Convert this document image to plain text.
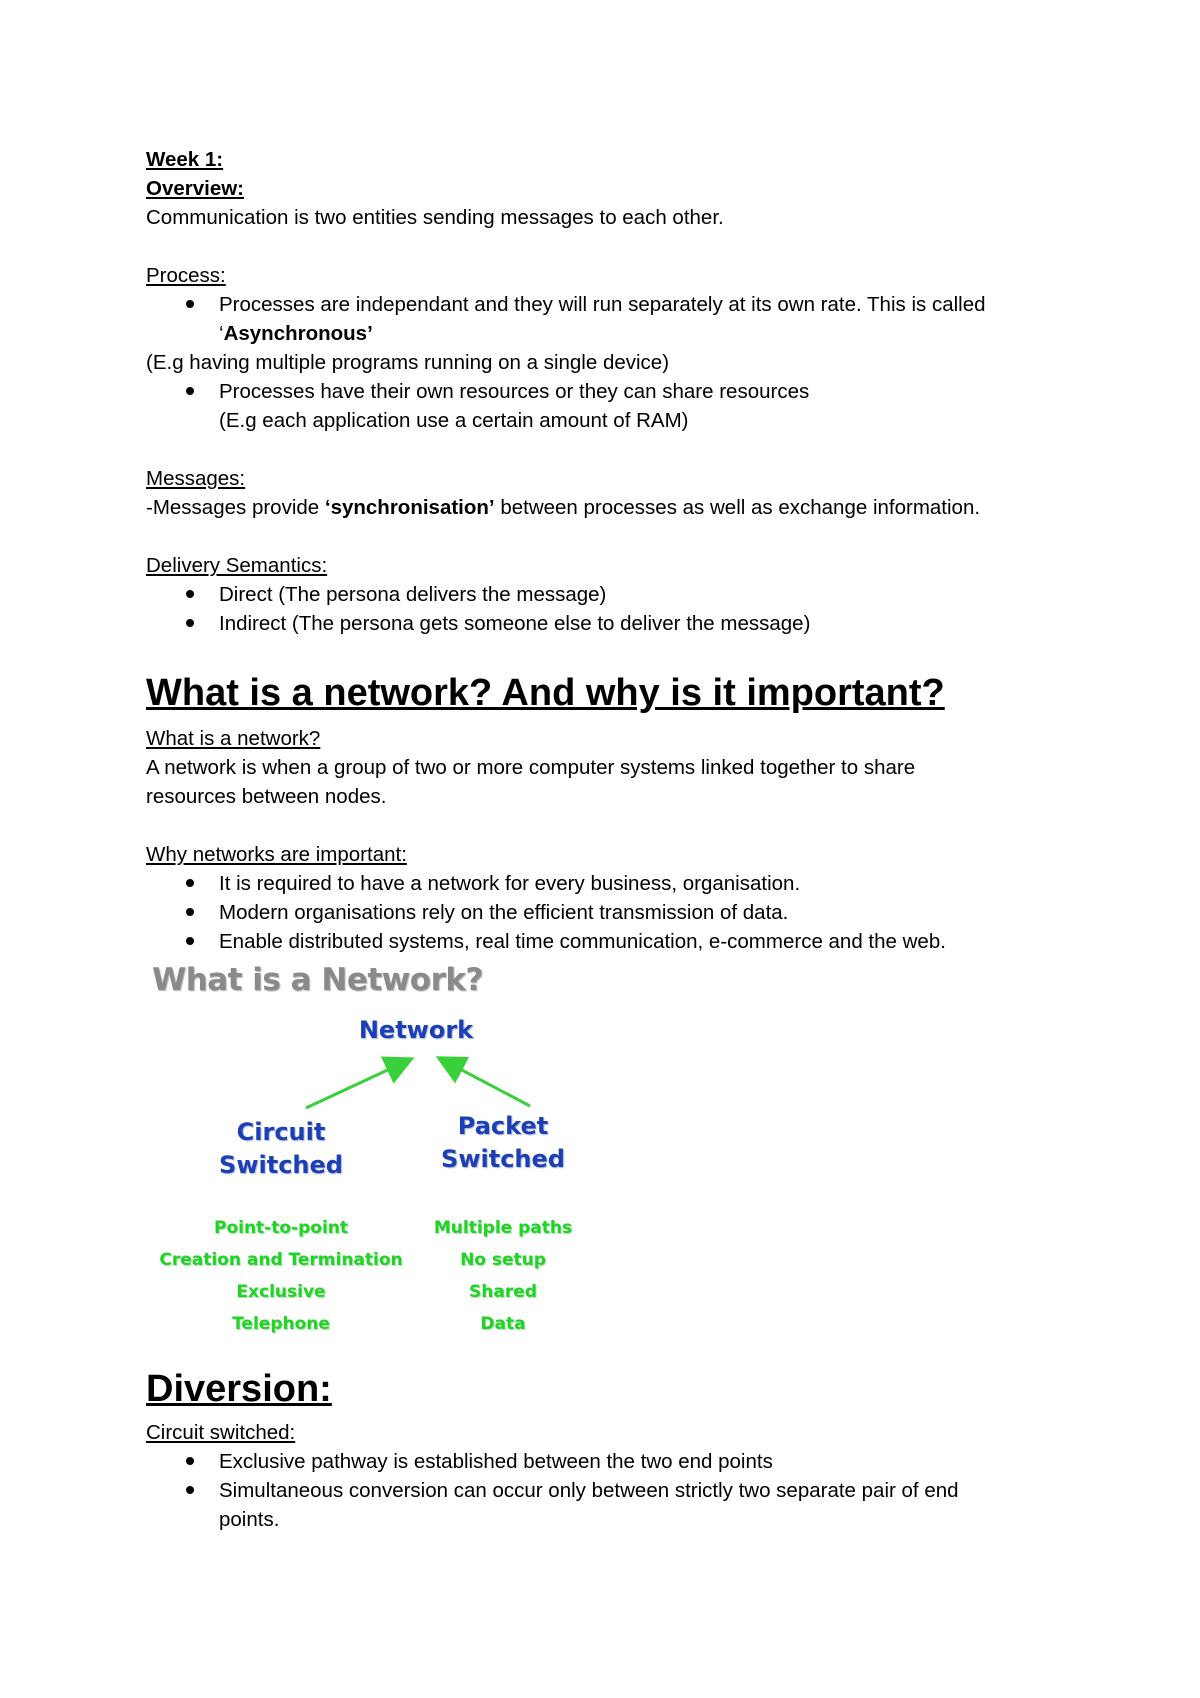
Week 1:
Overview:
Communication is two entities sending messages to each other.
Process:
Processes are independant and they will run separately at its own rate. This is called
‘Asynchronous’
(E.g having multiple programs running on a single device)
Processes have their own resources or they can share resources
(E.g each application use a certain amount of RAM)
Messages:
-Messages provide ‘synchronisation’ between processes as well as exchange information.
Delivery Semantics:
Direct (The persona delivers the message)
Indirect (The persona gets someone else to deliver the message)
What is a network? And why is it important?
What is a network?
A network is when a group of two or more computer systems linked together to share
resources between nodes.
Why networks are important:
It is required to have a network for every business, organisation.
Modern organisations rely on the efficient transmission of data.
Enable distributed systems, real time communication, e-commerce and the web.
What is a Network?
Network
Circuit
Switched
Packet
Switched
Point-to-point
Creation and Termination
Exclusive
Telephone
Multiple paths
No setup
Shared
Data
Diversion:
Circuit switched:
Exclusive pathway is established between the two end points
Simultaneous conversion can occur only between strictly two separate pair of end
points.
